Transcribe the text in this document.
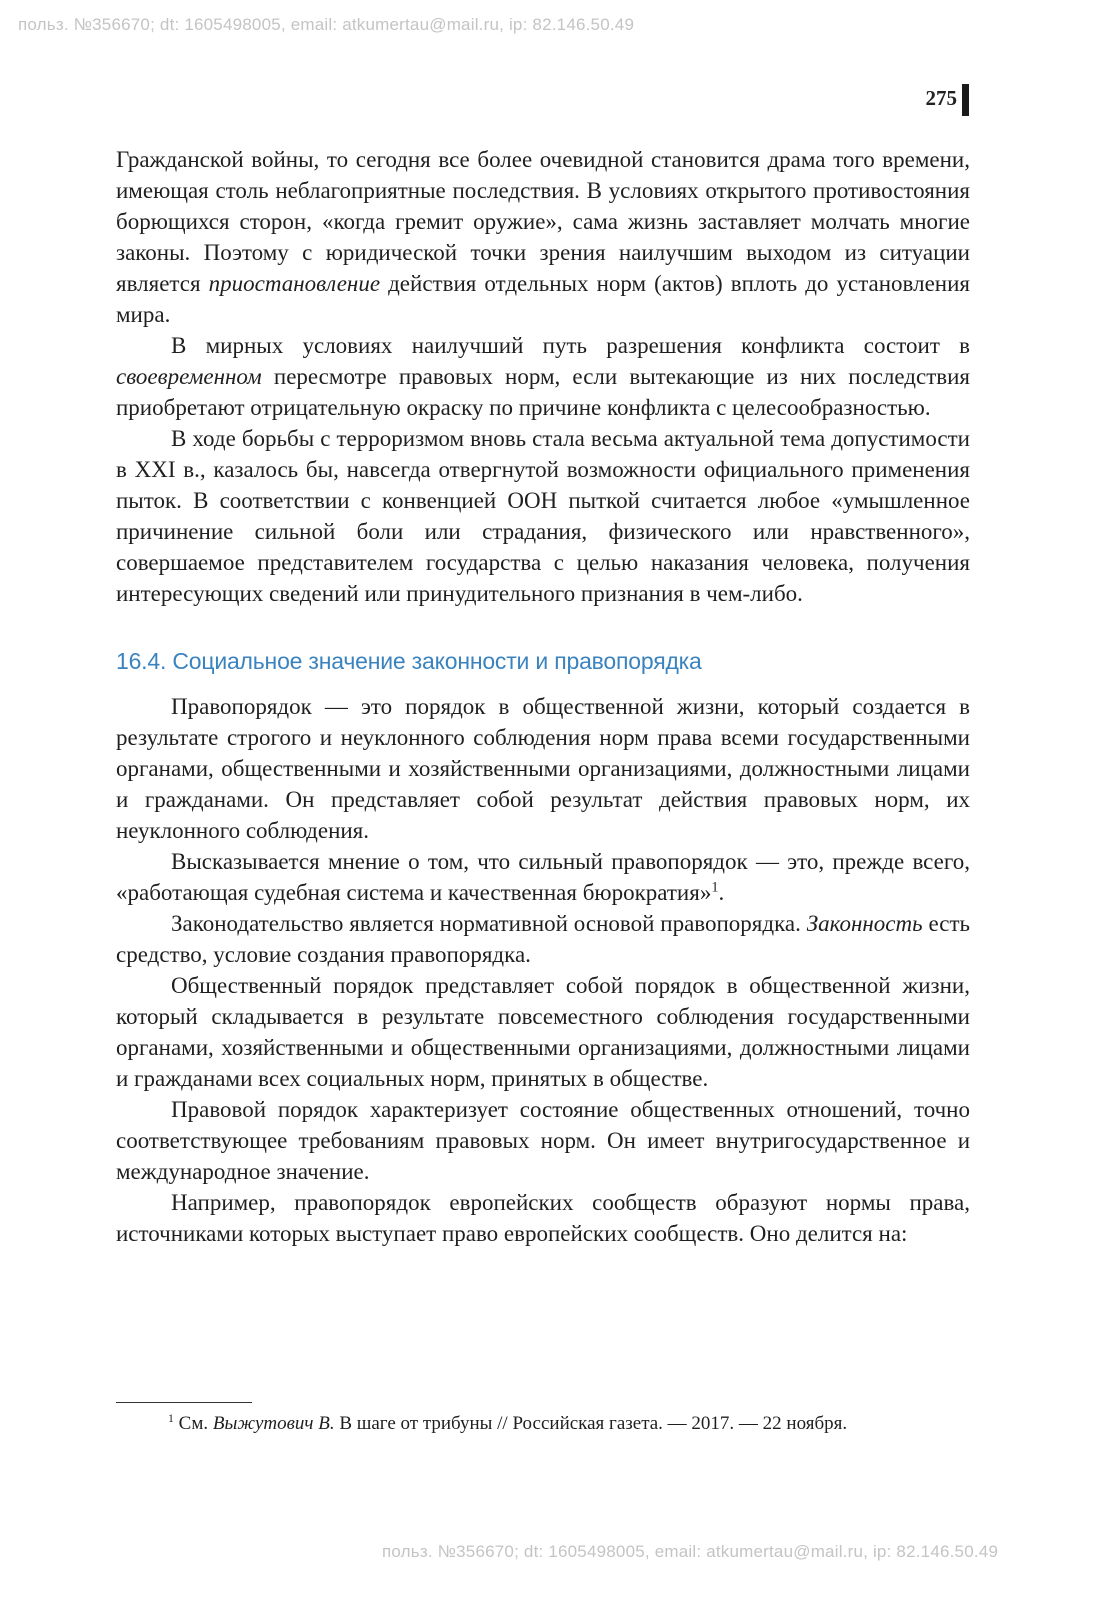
польз. №356670; dt: 1605498005, email: atkumertau@mail.ru, ip: 82.146.50.49
275

Гражданской войны, то сегодня все более очевидной становится драма того времени, имеющая столь неблагоприятные последствия. В условиях открытого противостояния борющихся сторон, «когда гремит оружие», сама жизнь заставляет молчать многие законы. Поэтому с юридической точки зрения наилучшим выходом из ситуации является приостановление действия отдельных норм (актов) вплоть до установления мира.

В мирных условиях наилучший путь разрешения конфликта состоит в своевременном пересмотре правовых норм, если вытекающие из них последствия приобретают отрицательную окраску по причине конфликта с целесообразностью.

В ходе борьбы с терроризмом вновь стала весьма актуальной тема допустимости в XXI в., казалось бы, навсегда отвергнутой возможности официального применения пыток. В соответствии с конвенцией ООН пыткой считается любое «умышленное причинение сильной боли или страдания, физического или нравственного», совершаемое представителем государства с целью наказания человека, получения интересующих сведений или принудительного признания в чем-либо.

16.4. Социальное значение законности и правопорядка

Правопорядок — это порядок в общественной жизни, который создается в результате строгого и неуклонного соблюдения норм права всеми государственными органами, общественными и хозяйственными организациями, должностными лицами и гражданами. Он представляет собой результат действия правовых норм, их неуклонного соблюдения.

Высказывается мнение о том, что сильный правопорядок — это, прежде всего, «работающая судебная система и качественная бюрократия»$^1$.

Законодательство является нормативной основой правопорядка. Законность есть средство, условие создания правопорядка.

Общественный порядок представляет собой порядок в общественной жизни, который складывается в результате повсеместного соблюдения государственными органами, хозяйственными и общественными организациями, должностными лицами и гражданами всех социальных норм, принятых в обществе.

Правовой порядок характеризует состояние общественных отношений, точно соответствующее требованиям правовых норм. Он имеет внутригосударственное и международное значение.

Например, правопорядок европейских сообществ образуют нормы права, источниками которых выступает право европейских сообществ. Оно делится на:

$^1$ См. Выжутович В. В шаге от трибуны // Российская газета. — 2017. — 22 ноября.

польз. №356670; dt: 1605498005, email: atkumertau@mail.ru, ip: 82.146.50.49
